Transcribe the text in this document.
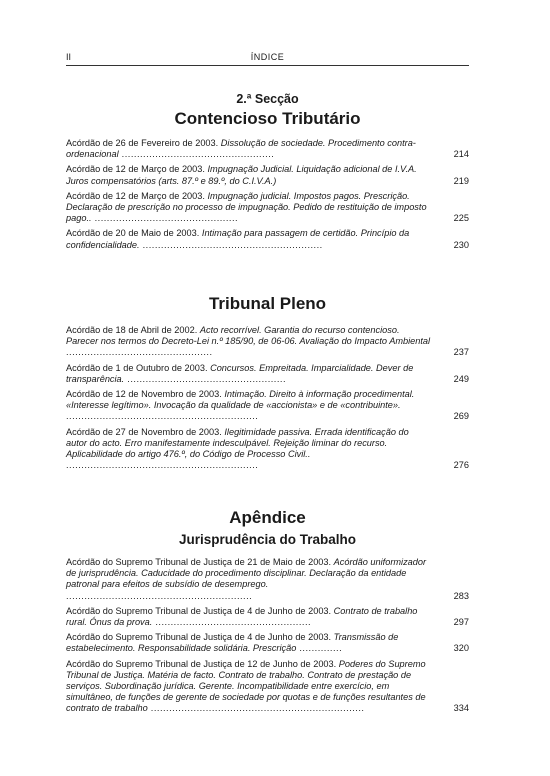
II	ÍNDICE
2.ª Secção
Contencioso Tributário
Acórdão de 26 de Fevereiro de 2003. Dissolução de sociedade. Procedimento contra-ordenacional ..................................................	214
Acórdão de 12 de Março de 2003. Impugnação Judicial. Liquidação adicional de I.V.A. Juros compensatórios (arts. 87.º e 89.º, do C.I.V.A.)	219
Acórdão de 12 de Março de 2003. Impugnação judicial. Impostos pagos. Prescrição. Declaração de prescrição no processo de impugnação. Pedido de restituição de imposto pago.. ...............................................	225
Acórdão de 20 de Maio de 2003. Intimação para passagem de certidão. Princípio da confidencialidade. ...........................................................	230
Tribunal Pleno
Acórdão de 18 de Abril de 2002. Acto recorrível. Garantia do recurso contencioso. Parecer nos termos do Decreto-Lei n.º 185/90, de 06-06. Avaliação do Impacto Ambiental ................................................	237
Acórdão de 1 de Outubro de 2003. Concursos. Empreitada. Imparcialidade. Dever de transparência. ....................................................	249
Acórdão de 12 de Novembro de 2003. Intimação. Direito à informação procedimental. «Interesse legítimo». Invocação da qualidade de «accionista» e de «contribuinte». ...............................................................	269
Acórdão de 27 de Novembro de 2003. Ilegitimidade passiva. Errada identificação do autor do acto. Erro manifestamente indesculpável. Rejeição liminar do recurso. Aplicabilidade do artigo 476.º, do Código de Processo Civil.. ...............................................................	276
Apêndice
Jurisprudência do Trabalho
Acórdão do Supremo Tribunal de Justiça de 21 de Maio de 2003. Acórdão uniformizador de jurisprudência. Caducidade do procedimento disciplinar. Declaração da entidade patronal para efeitos de subsídio de desemprego. .............................................................	283
Acórdão do Supremo Tribunal de Justiça de 4 de Junho de 2003. Contrato de trabalho rural. Ónus da prova. ...................................................	297
Acórdão do Supremo Tribunal de Justiça de 4 de Junho de 2003. Transmissão de estabelecimento. Responsabilidade solidária. Prescrição ..............	320
Acórdão do Supremo Tribunal de Justiça de 12 de Junho de 2003. Poderes do Supremo Tribunal de Justiça. Matéria de facto. Contrato de trabalho. Contrato de prestação de serviços. Subordinação jurídica. Gerente. Incompatibilidade entre exercício, em simultâneo, de funções de gerente de sociedade por quotas e de funções resultantes de contrato de trabalho ......................................................................	334
